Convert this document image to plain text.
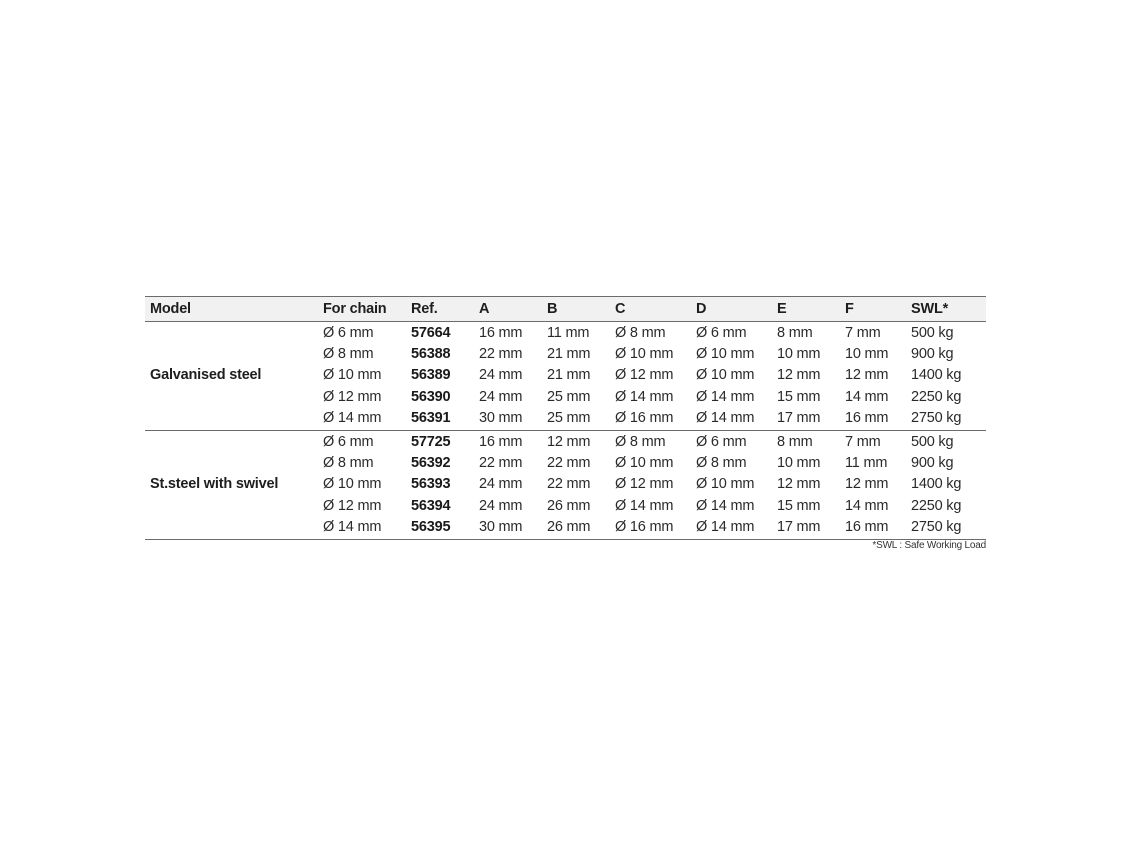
Model	For chain	Ref.	A	B	C	D	E	F	SWL*
	Ø 6 mm	57664	16 mm	11 mm	Ø 8 mm	Ø 6 mm	8 mm	7 mm	500 kg
	Ø 8 mm	56388	22 mm	21 mm	Ø 10 mm	Ø 10 mm	10 mm	10 mm	900 kg
Galvanised steel	Ø 10 mm	56389	24 mm	21 mm	Ø 12 mm	Ø 10 mm	12 mm	12 mm	1400 kg
	Ø 12 mm	56390	24 mm	25 mm	Ø 14 mm	Ø 14 mm	15 mm	14 mm	2250 kg
	Ø 14 mm	56391	30 mm	25 mm	Ø 16 mm	Ø 14 mm	17 mm	16 mm	2750 kg
	Ø 6 mm	57725	16 mm	12 mm	Ø 8 mm	Ø 6 mm	8 mm	7 mm	500 kg
	Ø 8 mm	56392	22 mm	22 mm	Ø 10 mm	Ø 8 mm	10 mm	11 mm	900 kg
St.steel with swivel	Ø 10 mm	56393	24 mm	22 mm	Ø 12 mm	Ø 10 mm	12 mm	12 mm	1400 kg
	Ø 12 mm	56394	24 mm	26 mm	Ø 14 mm	Ø 14 mm	15 mm	14 mm	2250 kg
	Ø 14 mm	56395	30 mm	26 mm	Ø 16 mm	Ø 14 mm	17 mm	16 mm	2750 kg
*SWL : Safe Working Load
